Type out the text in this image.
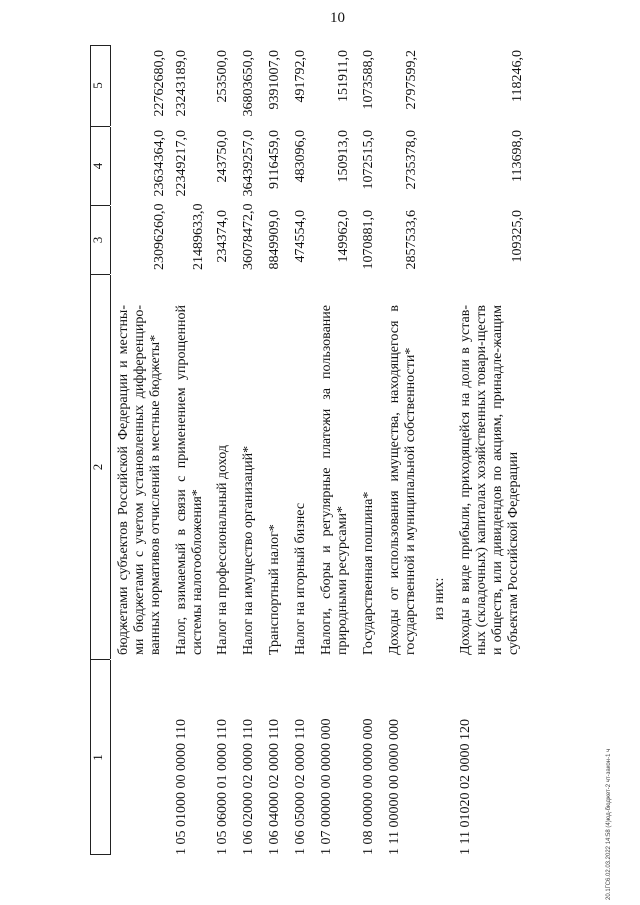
10
1
2
3
4
5
бюджетами субъектов Российской Федерации и местны-ми бюджетами с учетом установленных дифференциро-ванных нормативов отчислений в местные бюджеты*
23096260,0
23634364,0
22762680,0
1 05 01000 00 0000 110
Налог, взимаемый в связи с применением упрощенной системы налогообложения*
21489633,0
22349217,0
23243189,0
1 05 06000 01 0000 110
Налог на профессиональный доход
234374,0
243750,0
253500,0
1 06 02000 02 0000 110
Налог на имущество организаций*
36078472,0
36439257,0
36803650,0
1 06 04000 02 0000 110
Транспортный налог*
8849909,0
9116459,0
9391007,0
1 06 05000 02 0000 110
Налог на игорный бизнес
474554,0
483096,0
491792,0
1 07 00000 00 0000 000
Налоги, сборы и регулярные платежи за пользование природными ресурсами*
149962,0
150913,0
151911,0
1 08 00000 00 0000 000
Государственная пошлина*
1070881,0
1072515,0
1073588,0
1 11 00000 00 0000 000
Доходы от использования имущества, находящегося в государственной и муниципальной собственности*
2857533,6
2735378,0
2797599,2
из них:
1 11 01020 02 0000 120
Доходы в виде прибыли, приходящейся на доли в устав-ных (складочных) капиталах хозяйственных товари-ществ и обществ, или дивидендов по акциям, принадле-жащим субъектам Российской Федерации
109325,0
113698,0
118246,0
20.1ГС6.02.03.2022 14:58 (4)юд-бюджет-2 чт-закон-1 ч
